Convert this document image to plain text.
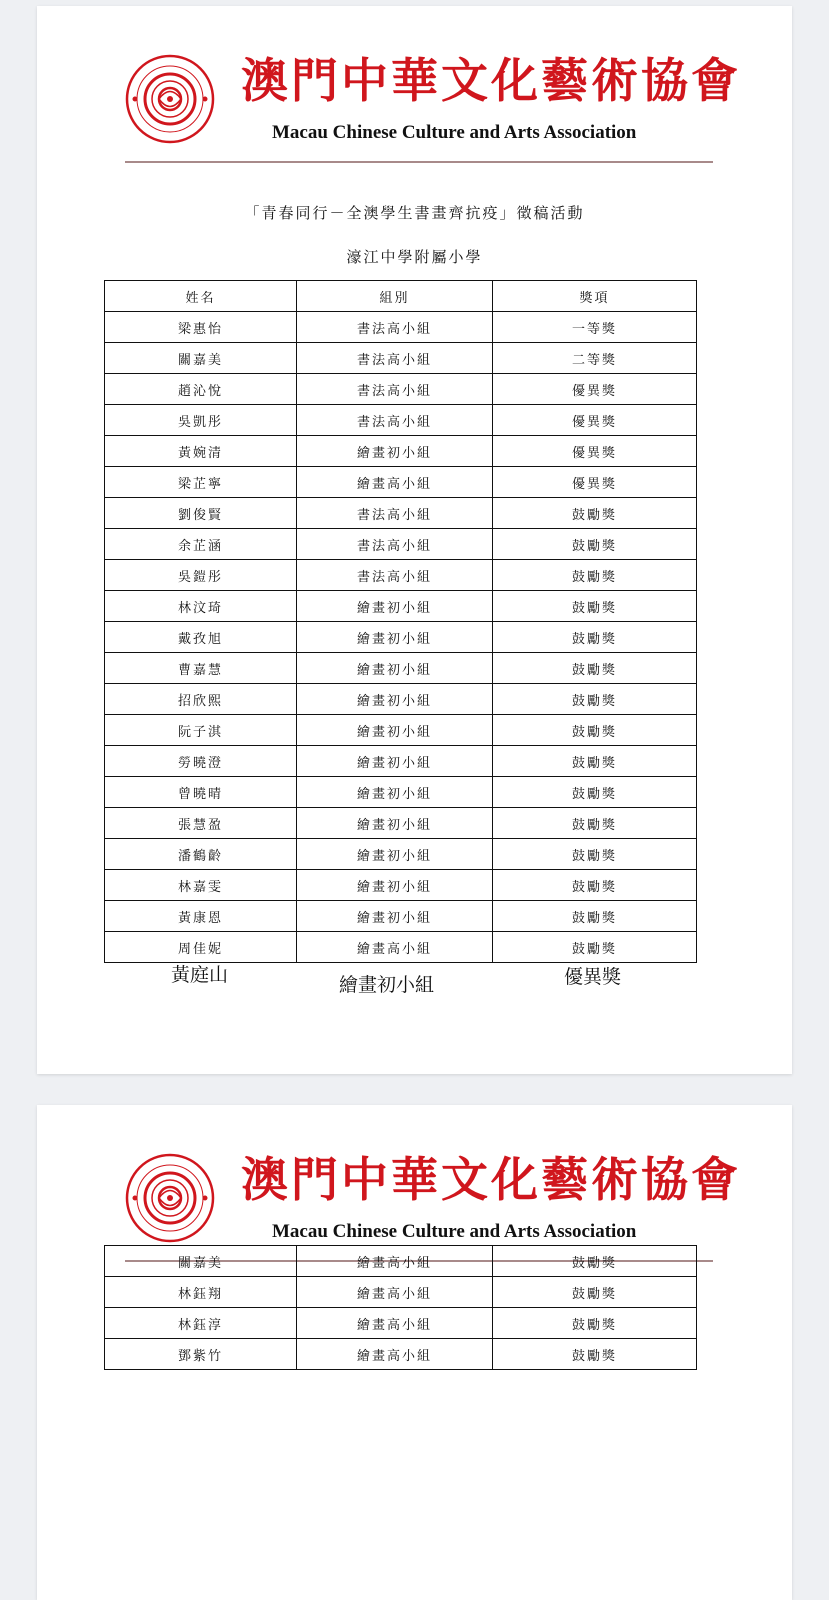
澳門中華文化藝術協會
Macau Chinese Culture and Arts Association
「青春同行－全澳學生書畫齊抗疫」徵稿活動
濠江中學附屬小學
姓名	組別	獎項
梁惠怡	書法高小組	一等獎
關嘉美	書法高小組	二等獎
趙沁悅	書法高小組	優異獎
吳凱彤	書法高小組	優異獎
黃婉清	繪畫初小組	優異獎
梁芷寧	繪畫高小組	優異獎
劉俊賢	書法高小組	鼓勵獎
余芷涵	書法高小組	鼓勵獎
吳鎧彤	書法高小組	鼓勵獎
林汶琦	繪畫初小組	鼓勵獎
戴孜旭	繪畫初小組	鼓勵獎
曹嘉慧	繪畫初小組	鼓勵獎
招欣熙	繪畫初小組	鼓勵獎
阮子淇	繪畫初小組	鼓勵獎
勞曉澄	繪畫初小組	鼓勵獎
曾曉晴	繪畫初小組	鼓勵獎
張慧盈	繪畫初小組	鼓勵獎
潘鶴齡	繪畫初小組	鼓勵獎
林嘉雯	繪畫初小組	鼓勵獎
黃康恩	繪畫初小組	鼓勵獎
周佳妮	繪畫高小組	鼓勵獎
黃庭山	繪畫初小組	優異獎
澳門中華文化藝術協會
Macau Chinese Culture and Arts Association
關嘉美	繪畫高小組	鼓勵獎
林鈺翔	繪畫高小組	鼓勵獎
林鈺淳	繪畫高小組	鼓勵獎
鄧紫竹	繪畫高小組	鼓勵獎
